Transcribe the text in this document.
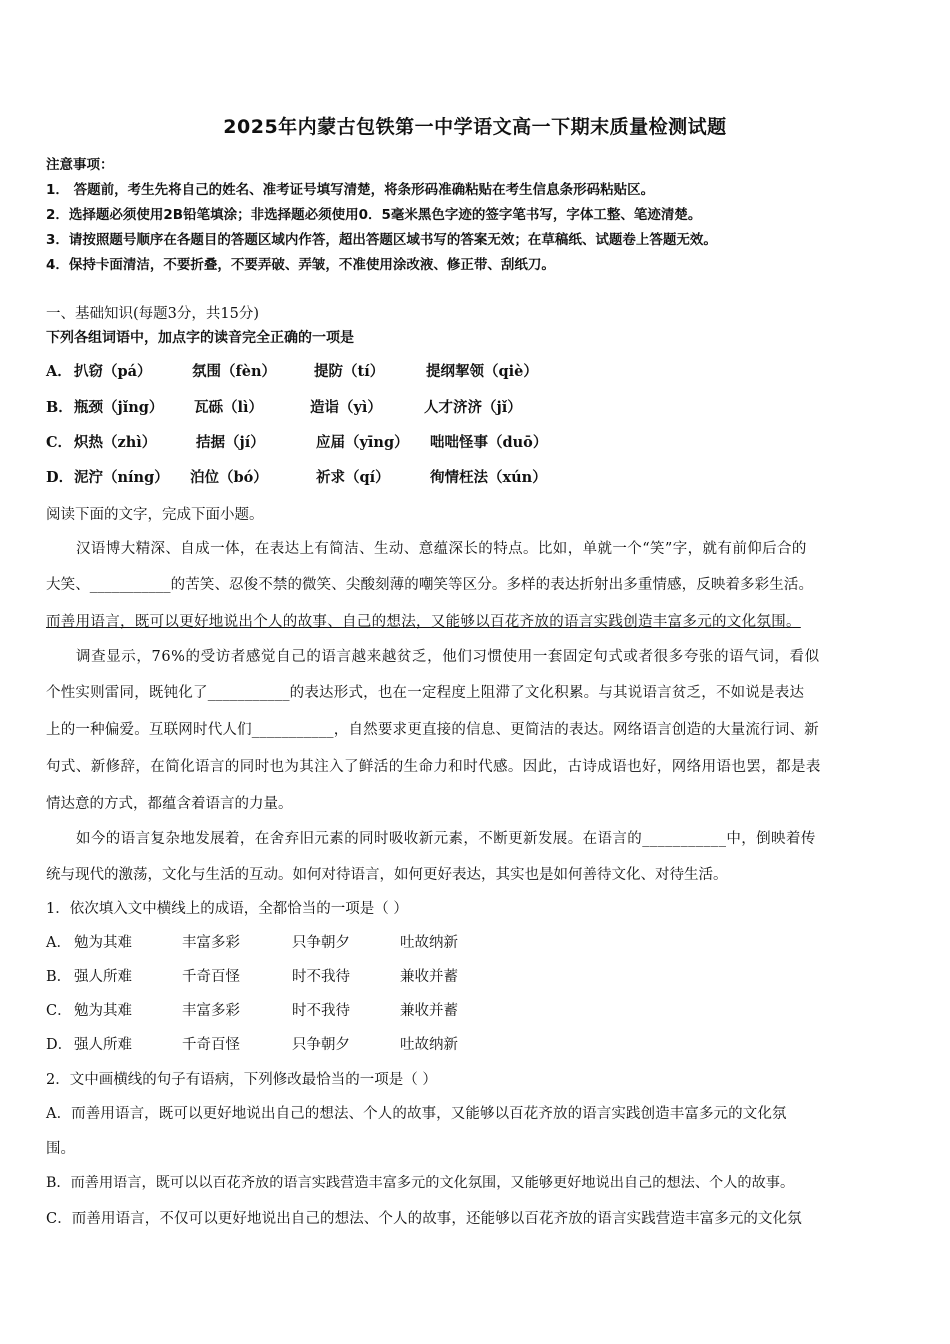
2025年内蒙古包铁第一中学语文高一下期末质量检测试题
注意事项：
1． 答题前，考生先将自己的姓名、准考证号填写清楚，将条形码准确粘贴在考生信息条形码粘贴区。
2．选择题必须使用2B铅笔填涂；非选择题必须使用0．5毫米黑色字迹的签字笔书写，字体工整、笔迹清楚。
3．请按照题号顺序在各题目的答题区域内作答，超出答题区域书写的答案无效；在草稿纸、试题卷上答题无效。
4．保持卡面清洁，不要折叠，不要弄破、弄皱，不准使用涂改液、修正带、刮纸刀。
一、基础知识(每题3分，共15分)
下列各组词语中，加点字的读音完全正确的一项是
A． 扒窃（pá）	氛围（fèn）	提防（tí）	提纲挈领（qiè）
B．瓶颈（jǐng） 瓦砾（lì）	造诣（yì）	人才济济（jǐ）
C． 炽热（zhì）	拮据（jí）	应届（yīng） 咄咄怪事（duō）
D．泥泞（níng） 泊位（bó）	祈求（qí）	徇情枉法（xún）
阅读下面的文字，完成下面小题。
汉语博大精深、自成一体，在表达上有简洁、生动、意蕴深长的特点。比如，单就一个“笑”字，就有前仰后合的
大笑、___________的苦笑、忍俊不禁的微笑、尖酸刻薄的嘲笑等区分。多样的表达折射出多重情感，反映着多彩生活。
而善用语言，既可以更好地说出个人的故事、自己的想法，又能够以百花齐放的语言实践创造丰富多元的文化氛围。
调查显示，76%的受访者感觉自己的语言越来越贫乏，他们习惯使用一套固定句式或者很多夸张的语气词，看似
个性实则雷同，既钝化了___________的表达形式，也在一定程度上阻滞了文化积累。与其说语言贫乏，不如说是表达
上的一种偏爱。互联网时代人们___________，自然要求更直接的信息、更简洁的表达。网络语言创造的大量流行词、新
句式、新修辞，在简化语言的同时也为其注入了鲜活的生命力和时代感。因此，古诗成语也好，网络用语也罢，都是表
情达意的方式，都蕴含着语言的力量。
如今的语言复杂地发展着，在舍弃旧元素的同时吸收新元素，不断更新发展。在语言的___________中，倒映着传
统与现代的激荡，文化与生活的互动。如何对待语言，如何更好表达，其实也是如何善待文化、对待生活。
1．依次填入文中横线上的成语，全都恰当的一项是（ ）
A． 勉为其难	丰富多彩	只争朝夕	吐故纳新
B． 强人所难	千奇百怪	时不我待	兼收并蓄
C． 勉为其难	丰富多彩	时不我待	兼收并蓄
D． 强人所难	千奇百怪	只争朝夕	吐故纳新
2．文中画横线的句子有语病，下列修改最恰当的一项是（ ）
A．而善用语言，既可以更好地说出自己的想法、个人的故事，又能够以百花齐放的语言实践创造丰富多元的文化氛
围。
B．而善用语言，既可以以百花齐放的语言实践营造丰富多元的文化氛围，又能够更好地说出自己的想法、个人的故事。
C．而善用语言，不仅可以更好地说出自己的想法、个人的故事，还能够以百花齐放的语言实践营造丰富多元的文化氛
